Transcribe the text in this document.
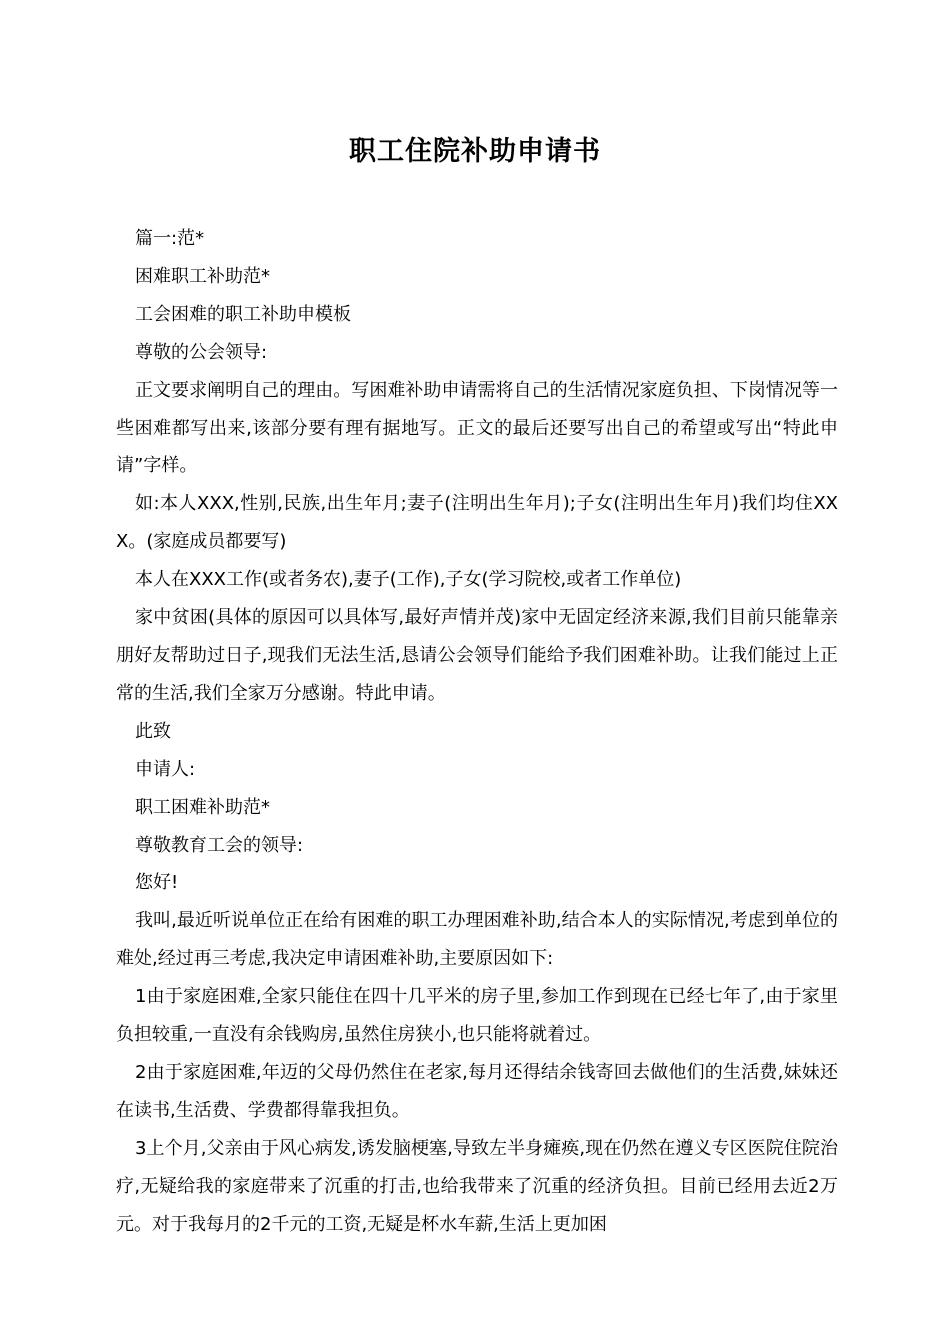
职工住院补助申请书

篇一:范*

困难职工补助范*

工会困难的职工补助申模板

尊敬的公会领导:

正文要求阐明自己的理由。写困难补助申请需将自己的生活情况家庭负担、下岗情况等一些困难都写出来,该部分要有理有据地写。正文的最后还要写出自己的希望或写出“特此申请”字样。

如:本人XXX,性别,民族,出生年月;妻子(注明出生年月);子女(注明出生年月)我们均住XXX。(家庭成员都要写)

本人在XXX工作(或者务农),妻子(工作),子女(学习院校,或者工作单位)

家中贫困(具体的原因可以具体写,最好声情并茂)家中无固定经济来源,我们目前只能靠亲朋好友帮助过日子,现我们无法生活,恳请公会领导们能给予我们困难补助。让我们能过上正常的生活,我们全家万分感谢。特此申请。

此致

申请人:

职工困难补助范*

尊敬教育工会的领导:

您好!

我叫,最近听说单位正在给有困难的职工办理困难补助,结合本人的实际情况,考虑到单位的难处,经过再三考虑,我决定申请困难补助,主要原因如下:

1由于家庭困难,全家只能住在四十几平米的房子里,参加工作到现在已经七年了,由于家里负担较重,一直没有余钱购房,虽然住房狭小,也只能将就着过。

2由于家庭困难,年迈的父母仍然住在老家,每月还得结余钱寄回去做他们的生活费,妹妹还在读书,生活费、学费都得靠我担负。

3上个月,父亲由于风心病发,诱发脑梗塞,导致左半身瘫痪,现在仍然在遵义专区医院住院治疗,无疑给我的家庭带来了沉重的打击,也给我带来了沉重的经济负担。目前已经用去近2万元。对于我每月的2千元的工资,无疑是杯水车薪,生活上更加困
